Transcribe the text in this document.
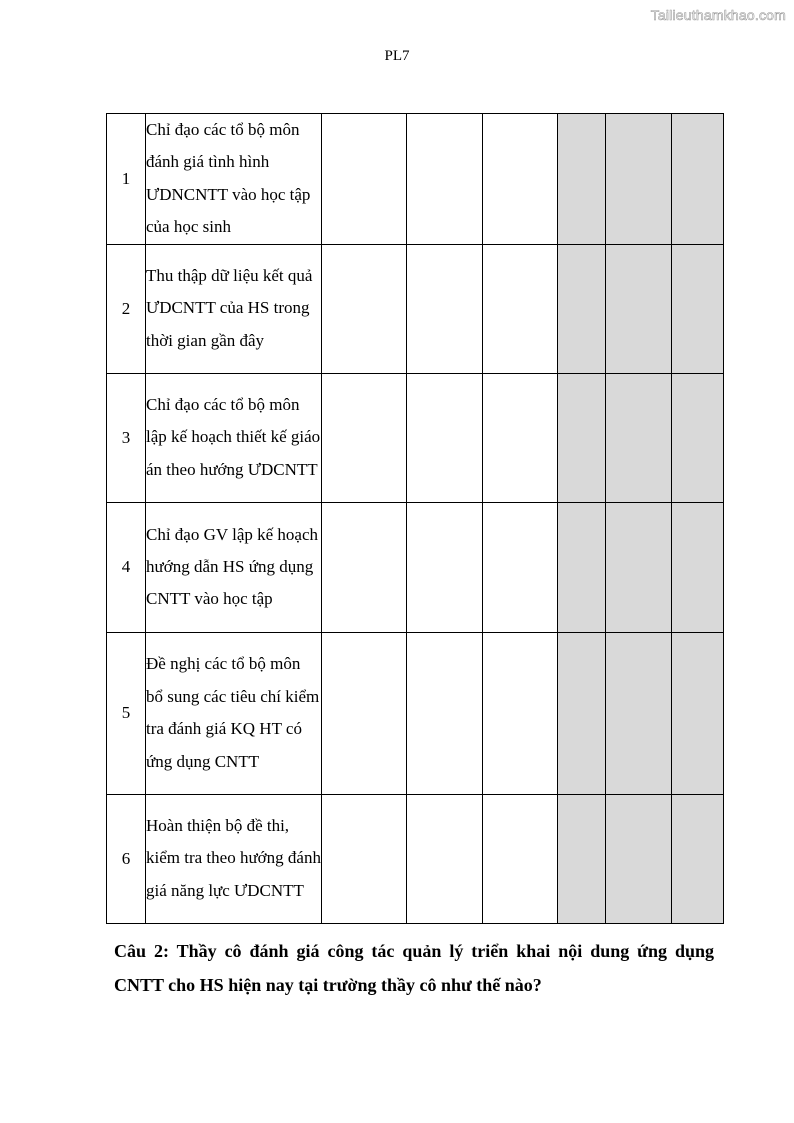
Tailieuthamkhao.com
PL7
1	Chỉ đạo các tổ bộ môn đánh giá tình hình ƯDNCNTT vào học tập của học sinh						
2	Thu thập dữ liệu kết quả ƯDCNTT của HS trong thời gian gần đây						
3	Chỉ đạo các tổ bộ môn lập kế hoạch thiết kế giáo án theo hướng ƯDCNTT						
4	Chỉ đạo GV lập kế hoạch hướng dẫn HS ứng dụng CNTT vào học tập						
5	Đề nghị các tổ bộ môn bổ sung các tiêu chí kiểm tra đánh giá KQ HT có ứng dụng CNTT						
6	Hoàn thiện bộ đề thi, kiểm tra theo hướng đánh giá năng lực ƯDCNTT						
Câu 2: Thầy cô đánh giá công tác quản lý triển khai nội dung ứng dụng CNTT cho HS hiện nay tại trường thầy cô như thế nào?
